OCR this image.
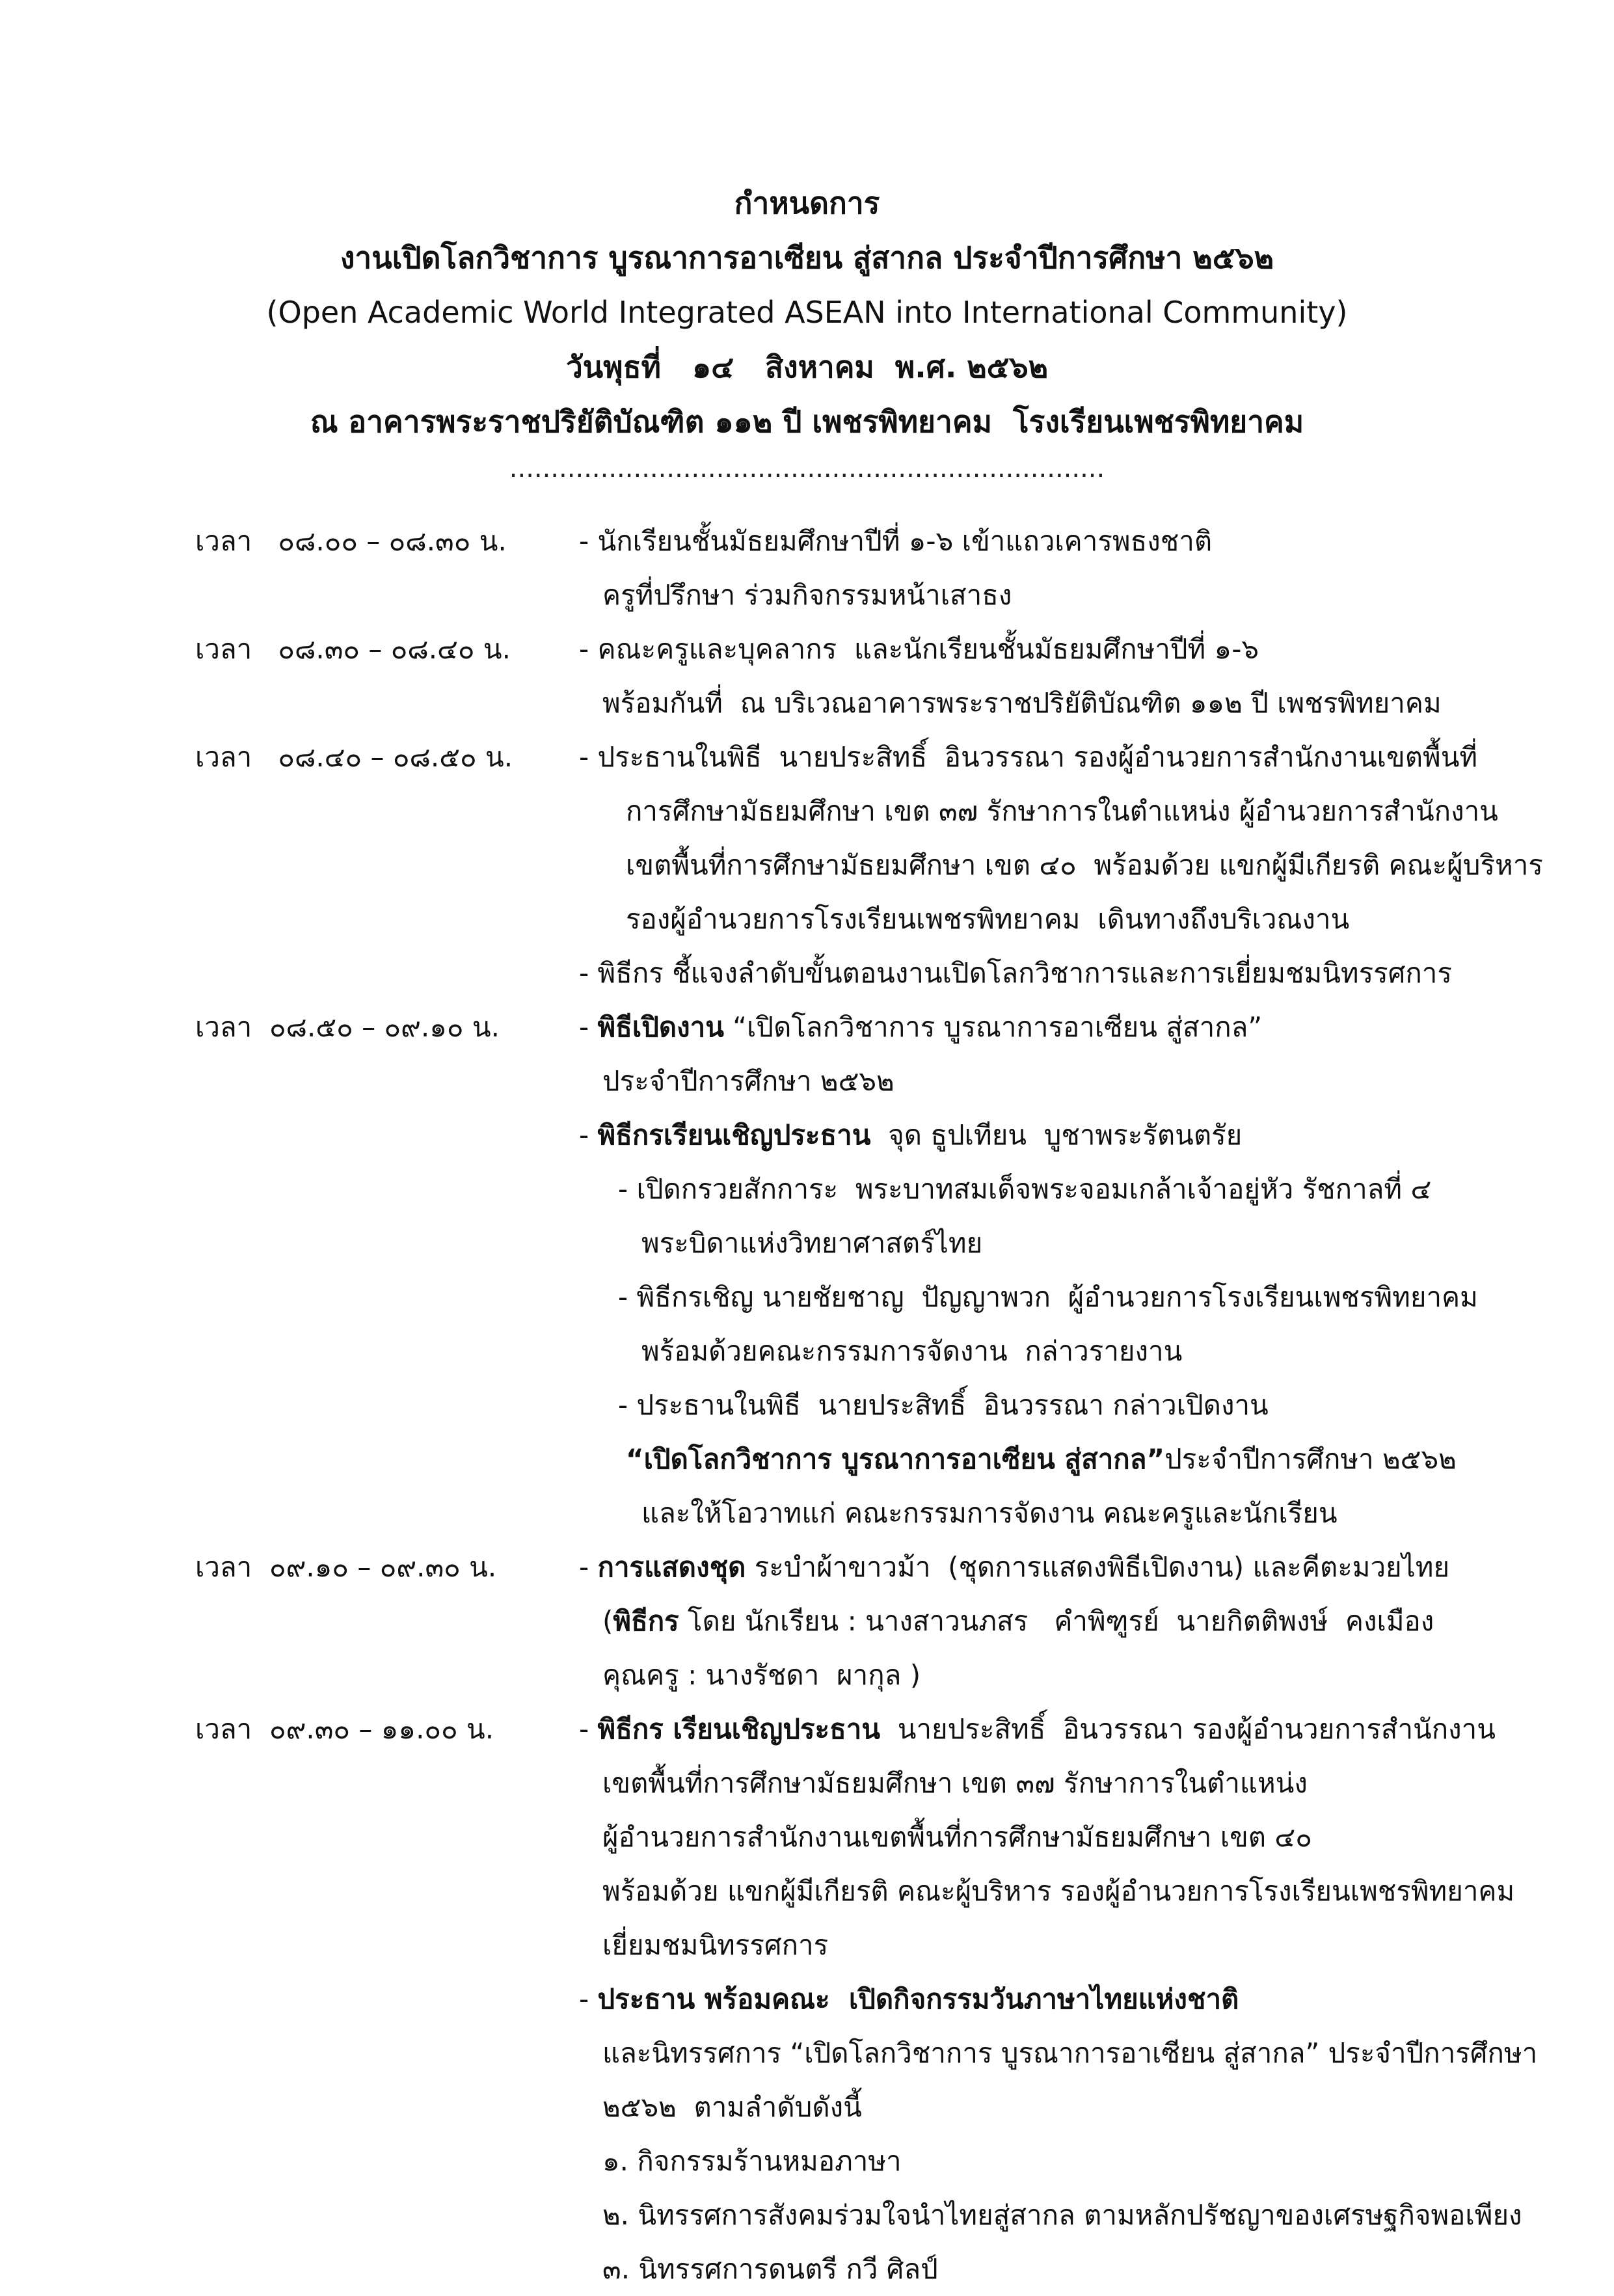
กำหนดการ
งานเปิดโลกวิชาการ บูรณาการอาเซียน สู่สากล ประจำปีการศึกษา ๒๕๖๒
(Open Academic World Integrated ASEAN into International Community)
วันพุธที่   ๑๔   สิงหาคม  พ.ศ. ๒๕๖๒
ณ อาคารพระราชปริยัติบัณฑิต ๑๑๒ ปี เพชรพิทยาคม  โรงเรียนเพชรพิทยาคม
........................................................................
เวลา   ๐๘.๐๐ – ๐๘.๓๐ น.	- นักเรียนชั้นมัธยมศึกษาปีที่ ๑-๖ เข้าแถวเคารพธงชาติ
ครูที่ปรึกษา ร่วมกิจกรรมหน้าเสาธง
เวลา   ๐๘.๓๐ – ๐๘.๔๐ น.	- คณะครูและบุคลากร  และนักเรียนชั้นมัธยมศึกษาปีที่ ๑-๖
พร้อมกันที่  ณ บริเวณอาคารพระราชปริยัติบัณฑิต ๑๑๒ ปี เพชรพิทยาคม
เวลา   ๐๘.๔๐ – ๐๘.๕๐ น.	- ประธานในพิธี  นายประสิทธิ์  อินวรรณา รองผู้อำนวยการสำนักงานเขตพื้นที่
การศึกษามัธยมศึกษา เขต ๓๗ รักษาการในตำแหน่ง ผู้อำนวยการสำนักงาน
เขตพื้นที่การศึกษามัธยมศึกษา เขต ๔๐  พร้อมด้วย แขกผู้มีเกียรติ คณะผู้บริหาร
รองผู้อำนวยการโรงเรียนเพชรพิทยาคม  เดินทางถึงบริเวณงาน
- พิธีกร ชี้แจงลำดับขั้นตอนงานเปิดโลกวิชาการและการเยี่ยมชมนิทรรศการ
เวลา  ๐๘.๕๐ – ๐๙.๑๐ น.	- พิธีเปิดงาน “เปิดโลกวิชาการ บูรณาการอาเซียน สู่สากล”
ประจำปีการศึกษา ๒๕๖๒
- พิธีกรเรียนเชิญประธาน  จุด ธูปเทียน  บูชาพระรัตนตรัย
- เปิดกรวยสักการะ  พระบาทสมเด็จพระจอมเกล้าเจ้าอยู่หัว รัชกาลที่ ๔
พระบิดาแห่งวิทยาศาสตร์ไทย
- พิธีกรเชิญ นายชัยชาญ  ปัญญาพวก  ผู้อำนวยการโรงเรียนเพชรพิทยาคม
พร้อมด้วยคณะกรรมการจัดงาน  กล่าวรายงาน
- ประธานในพิธี  นายประสิทธิ์  อินวรรณา กล่าวเปิดงาน
“เปิดโลกวิชาการ บูรณาการอาเซียน สู่สากล”ประจำปีการศึกษา ๒๕๖๒
และให้โอวาทแก่ คณะกรรมการจัดงาน คณะครูและนักเรียน
เวลา  ๐๙.๑๐ – ๐๙.๓๐ น.	- การแสดงชุด ระบำผ้าขาวม้า  (ชุดการแสดงพิธีเปิดงาน) และคีตะมวยไทย
(พิธีกร โดย นักเรียน : นางสาวนภสร   คำพิฑูรย์  นายกิตติพงษ์  คงเมือง
คุณครู : นางรัชดา  ผากุล )
เวลา  ๐๙.๓๐ – ๑๑.๐๐ น.	- พิธีกร เรียนเชิญประธาน  นายประสิทธิ์  อินวรรณา รองผู้อำนวยการสำนักงาน
เขตพื้นที่การศึกษามัธยมศึกษา เขต ๓๗ รักษาการในตำแหน่ง
ผู้อำนวยการสำนักงานเขตพื้นที่การศึกษามัธยมศึกษา เขต ๔๐
พร้อมด้วย แขกผู้มีเกียรติ คณะผู้บริหาร รองผู้อำนวยการโรงเรียนเพชรพิทยาคม
เยี่ยมชมนิทรรศการ
- ประธาน พร้อมคณะ  เปิดกิจกรรมวันภาษาไทยแห่งชาติ
และนิทรรศการ “เปิดโลกวิชาการ บูรณาการอาเซียน สู่สากล” ประจำปีการศึกษา
๒๕๖๒  ตามลำดับดังนี้
๑. กิจกรรมร้านหมอภาษา
๒. นิทรรศการสังคมร่วมใจนำไทยสู่สากล ตามหลักปรัชญาของเศรษฐกิจพอเพียง
๓. นิทรรศการดนตรี กวี ศิลป์
